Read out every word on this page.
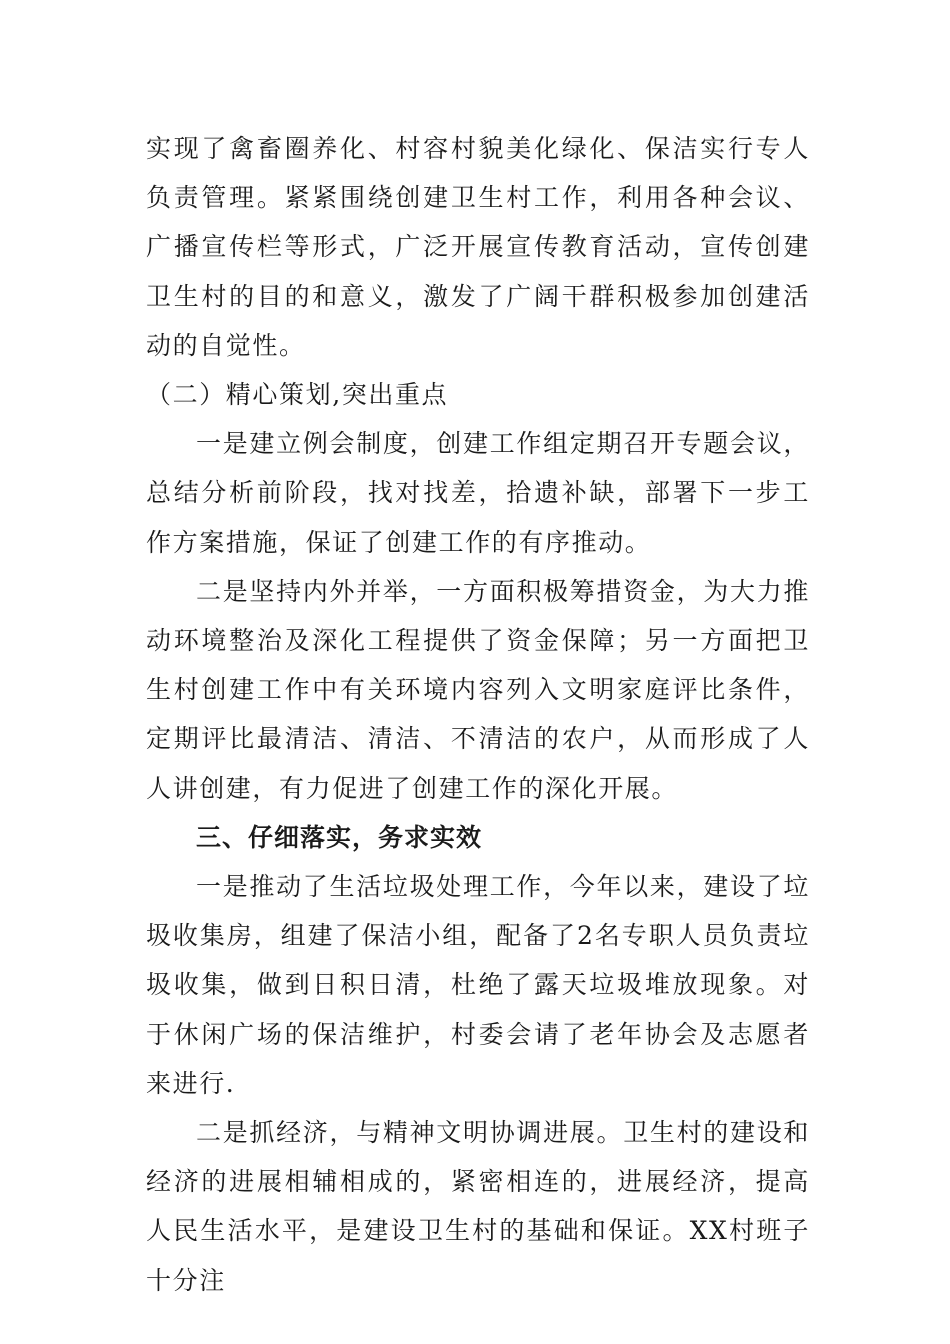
实现了禽畜圈养化、村容村貌美化绿化、保洁实行专人负责管理。紧紧围绕创建卫生村工作，利用各种会议、广播宣传栏等形式，广泛开展宣传教育活动，宣传创建卫生村的目的和意义，激发了广阔干群积极参加创建活动的自觉性。

（二）精心策划,突出重点

一是建立例会制度，创建工作组定期召开专题会议，总结分析前阶段，找对找差，拾遗补缺，部署下一步工作方案措施，保证了创建工作的有序推动。

二是坚持内外并举，一方面积极筹措资金，为大力推动环境整治及深化工程提供了资金保障；另一方面把卫生村创建工作中有关环境内容列入文明家庭评比条件，定期评比最清洁、清洁、不清洁的农户，从而形成了人人讲创建，有力促进了创建工作的深化开展。

三、仔细落实，务求实效

一是推动了生活垃圾处理工作，今年以来，建设了垃圾收集房，组建了保洁小组，配备了2名专职人员负责垃圾收集，做到日积日清，杜绝了露天垃圾堆放现象。对于休闲广场的保洁维护，村委会请了老年协会及志愿者来进行.

二是抓经济，与精神文明协调进展。卫生村的建设和经济的进展相辅相成的，紧密相连的，进展经济，提高人民生活水平，是建设卫生村的基础和保证。XX村班子十分注
